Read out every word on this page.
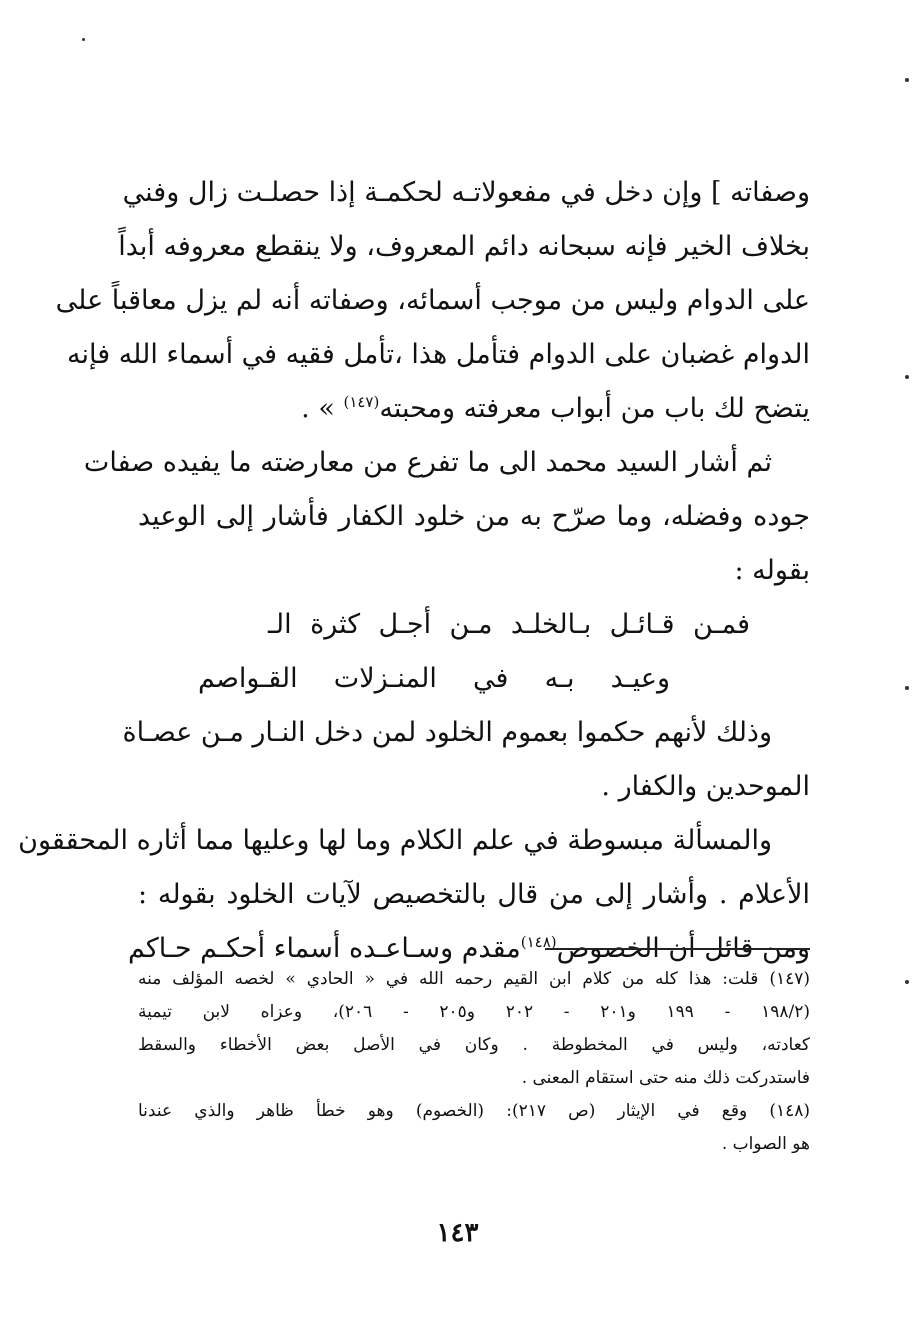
وصفاته ] وإن دخل في مفعولاتـه لحكمـة إذا حصلـت زال وفني
بخلاف الخير فإنه سبحانه دائم المعروف، ولا ينقطع معروفه أبداً
على الدوام وليس من موجب أسمائه، وصفاته أنه لم يزل معاقباً على
الدوام غضبان على الدوام فتأمل هذا ،تأمل فقيه في أسماء الله فإنه
يتضح لك باب من أبواب معرفته ومحبته$^{(١٤٧)}$ » .
ثم أشار السيد محمد الى ما تفرع من معارضته ما يفيده صفات
جوده وفضله، وما صرّح به من خلود الكفار فأشار إلى الوعيد
بقوله :
فمـن قـائـل بـالخلـد مـن أجـل كثرة الـ
وعيـد بـه في المنـزلات القـواصم
وذلك لأنهم حكموا بعموم الخلود لمن دخل النـار مـن عصـاة
الموحدين والكفار .
والمسألة مبسوطة في علم الكلام وما لها وعليها مما أثاره المحققون
الأعلام . وأشار إلى من قال بالتخصيص لآيات الخلود بقوله :
ومن قائل أن الخصوص$^{(١٤٨)}$مقدم وسـاعـده أسماء أحكـم حـاكم
(١٤٧) قلت: هذا كله من كلام ابن القيم رحمه الله في « الحادي » لخصه المؤلف منه
(١٩٨/٢ - ١٩٩ و٢٠١ - ٢٠٢ و٢٠٥ - ٢٠٦)، وعزاه لابن تيمية
كعادته، وليس في المخطوطة . وكان في الأصل بعض الأخطاء والسقط
فاستدركت ذلك منه حتى استقام المعنى .
(١٤٨) وقع في الإيثار (ص ٢١٧): (الخصوم) وهو خطأ ظاهر والذي عندنا
هو الصواب .
١٤٣
